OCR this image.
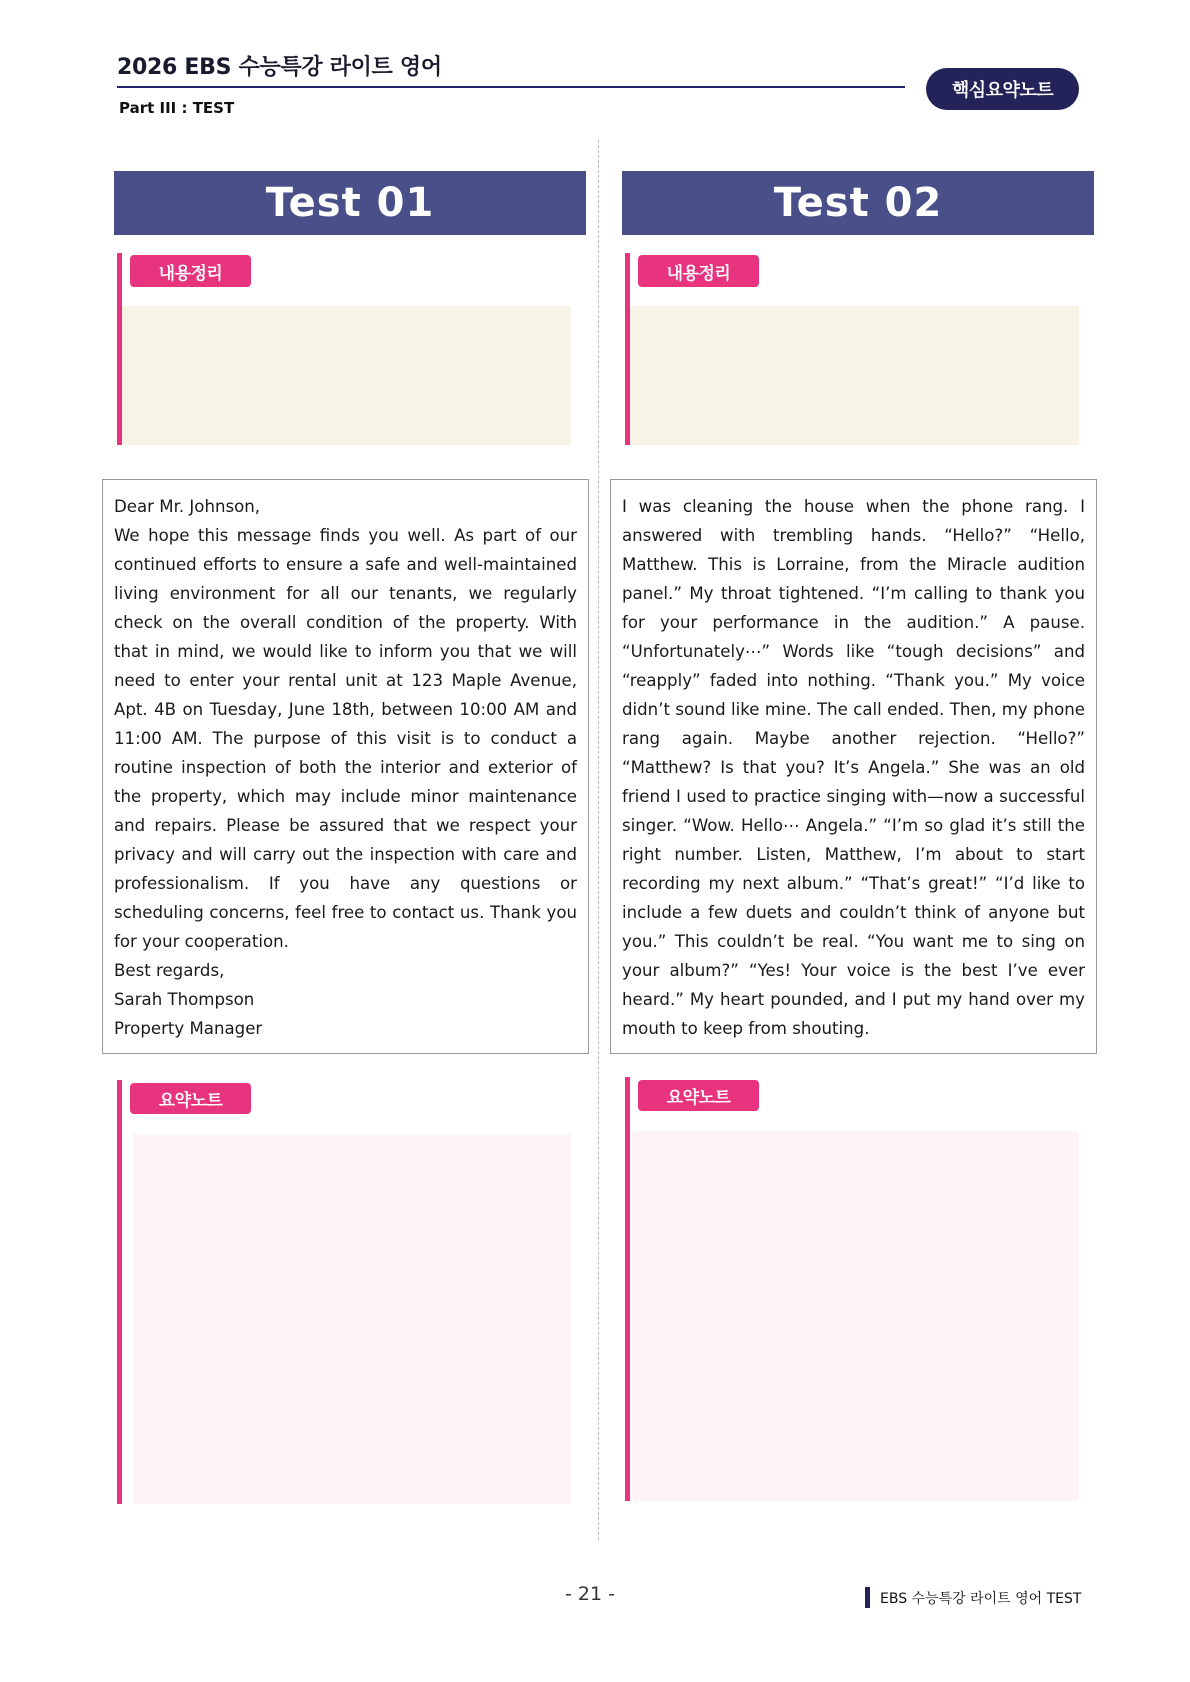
2026 EBS 수능특강 라이트 영어
Part III : TEST
핵심요약노트
Test 01
내용정리

Dear Mr. Johnson,

We hope this message finds you well. As part of our continued efforts to ensure a safe and well-maintained living environment for all our tenants, we regularly check on the overall condition of the property. With that in mind, we would like to inform you that we will need to enter your rental unit at 123 Maple Avenue, Apt. 4B on Tuesday, June 18th, between 10:00 AM and 11:00 AM. The purpose of this visit is to conduct a routine inspection of both the interior and exterior of the property, which may include minor maintenance and repairs. Please be assured that we respect your privacy and will carry out the inspection with care and professionalism. If you have any questions or scheduling concerns, feel free to contact us. Thank you for your cooperation.

Best regards,

Sarah Thompson

Property Manager

요약노트
Test 02
내용정리

I was cleaning the house when the phone rang. I answered with trembling hands. “Hello?” “Hello, Matthew. This is Lorraine, from the Miracle audition panel.” My throat tightened. “I’m calling to thank you for your performance in the audition.” A pause. “Unfortunately⋯” Words like “tough decisions” and “reapply” faded into nothing. “Thank you.” My voice didn’t sound like mine. The call ended. Then, my phone rang again. Maybe another rejection. “Hello?” “Matthew? Is that you? It’s Angela.” She was an old friend I used to practice singing with—now a successful singer. “Wow. Hello⋯ Angela.” “I’m so glad it’s still the right number. Listen, Matthew, I’m about to start recording my next album.” “That’s great!” “I’d like to include a few duets and couldn’t think of anyone but you.” This couldn’t be real. “You want me to sing on your album?” “Yes! Your voice is the best I’ve ever heard.” My heart pounded, and I put my hand over my mouth to keep from shouting.

요약노트
- 21 -	EBS 수능특강 라이트 영어 TEST
